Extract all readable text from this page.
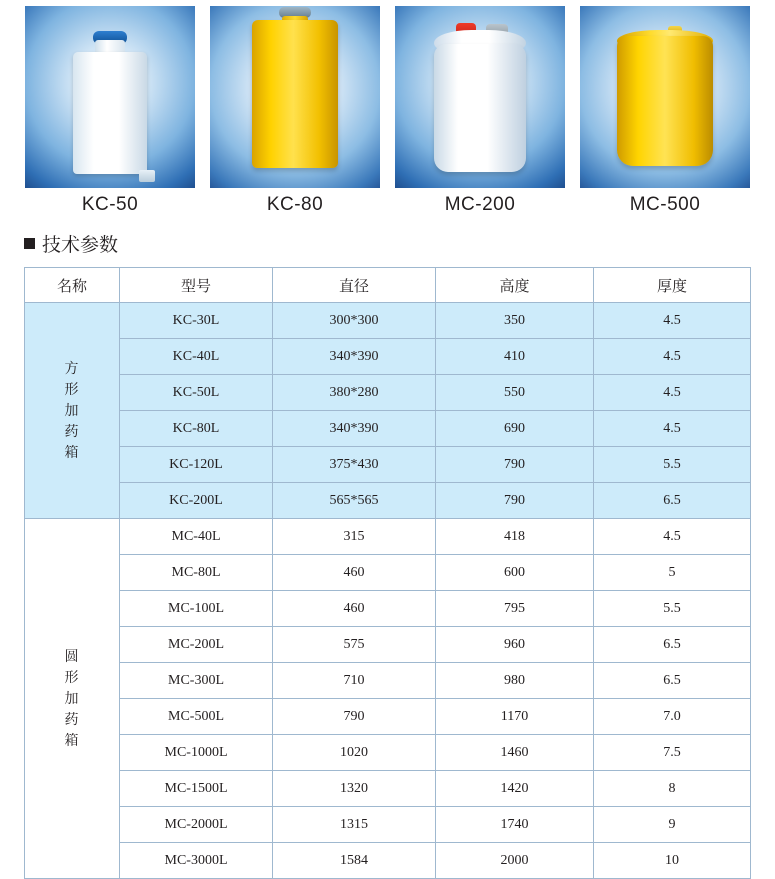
KC-50	KC-80	MC-200	MC-500
技术参数
名称	型号	直径	高度	厚度
方
形
加
药
箱	KC-30L	300*300	350	4.5
	KC-40L	340*390	410	4.5
	KC-50L	380*280	550	4.5
	KC-80L	340*390	690	4.5
	KC-120L	375*430	790	5.5
	KC-200L	565*565	790	6.5
圆
形
加
药
箱	MC-40L	315	418	4.5
	MC-80L	460	600	5
	MC-100L	460	795	5.5
	MC-200L	575	960	6.5
	MC-300L	710	980	6.5
	MC-500L	790	1170	7.0
	MC-1000L	1020	1460	7.5
	MC-1500L	1320	1420	8
	MC-2000L	1315	1740	9
	MC-3000L	1584	2000	10
